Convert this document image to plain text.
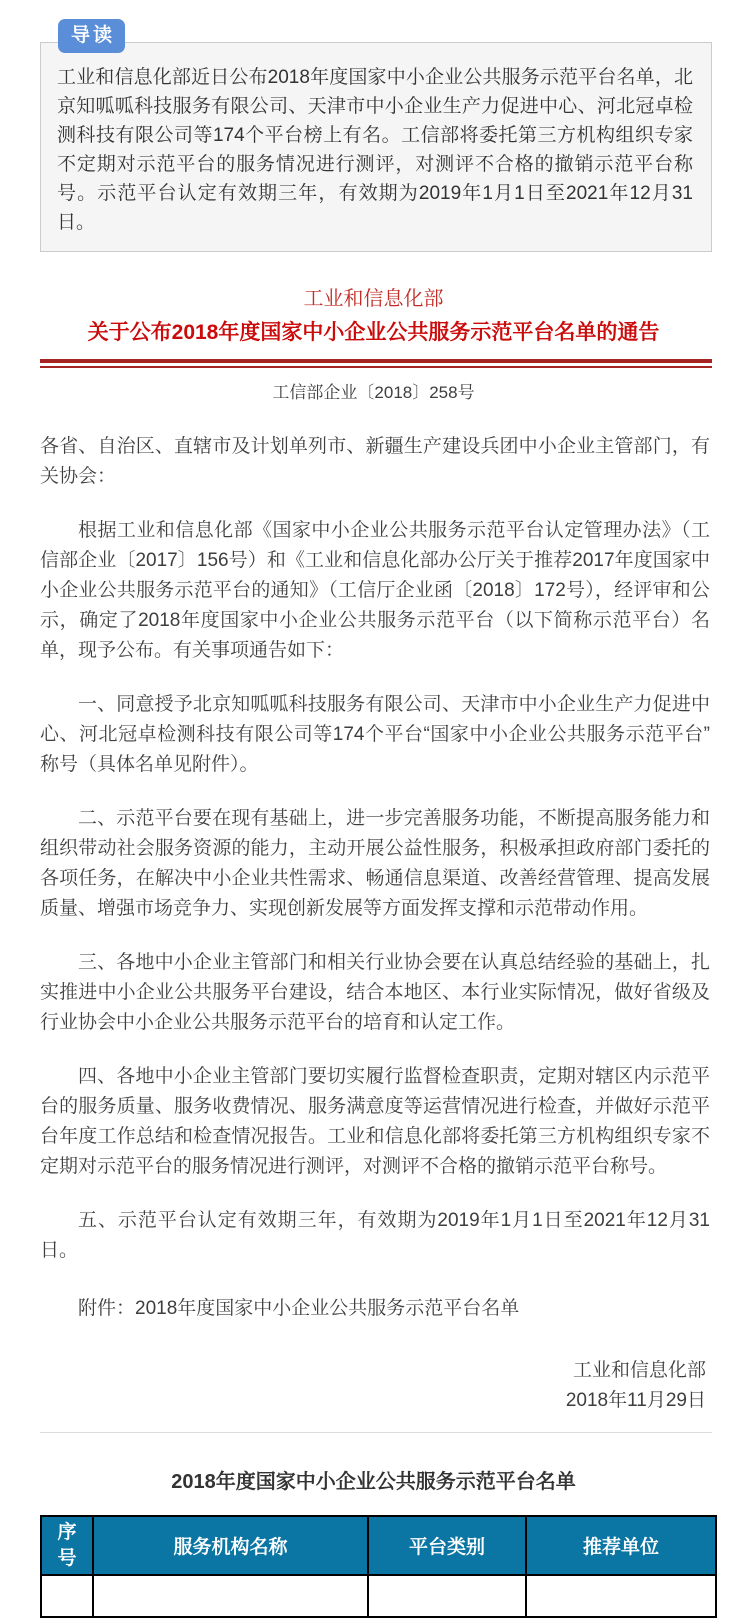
导读

工业和信息化部近日公布2018年度国家中小企业公共服务示范平台名单，北京知呱呱科技服务有限公司、天津市中小企业生产力促进中心、河北冠卓检测科技有限公司等174个平台榜上有名。工信部将委托第三方机构组织专家不定期对示范平台的服务情况进行测评，对测评不合格的撤销示范平台称号。示范平台认定有效期三年，有效期为2019年1月1日至2021年12月31日。

工业和信息化部
关于公布2018年度国家中小企业公共服务示范平台名单的通告
工信部企业〔2018〕258号

各省、自治区、直辖市及计划单列市、新疆生产建设兵团中小企业主管部门，有关协会：

根据工业和信息化部《国家中小企业公共服务示范平台认定管理办法》（工信部企业〔2017〕156号）和《工业和信息化部办公厅关于推荐2017年度国家中小企业公共服务示范平台的通知》（工信厅企业函〔2018〕172号），经评审和公示，确定了2018年度国家中小企业公共服务示范平台（以下简称示范平台）名单，现予公布。有关事项通告如下：

一、同意授予北京知呱呱科技服务有限公司、天津市中小企业生产力促进中心、河北冠卓检测科技有限公司等174个平台“国家中小企业公共服务示范平台”称号（具体名单见附件）。

二、示范平台要在现有基础上，进一步完善服务功能，不断提高服务能力和组织带动社会服务资源的能力，主动开展公益性服务，积极承担政府部门委托的各项任务，在解决中小企业共性需求、畅通信息渠道、改善经营管理、提高发展质量、增强市场竞争力、实现创新发展等方面发挥支撑和示范带动作用。

三、各地中小企业主管部门和相关行业协会要在认真总结经验的基础上，扎实推进中小企业公共服务平台建设，结合本地区、本行业实际情况，做好省级及行业协会中小企业公共服务示范平台的培育和认定工作。

四、各地中小企业主管部门要切实履行监督检查职责，定期对辖区内示范平台的服务质量、服务收费情况、服务满意度等运营情况进行检查，并做好示范平台年度工作总结和检查情况报告。工业和信息化部将委托第三方机构组织专家不定期对示范平台的服务情况进行测评，对测评不合格的撤销示范平台称号。

五、示范平台认定有效期三年，有效期为2019年1月1日至2021年12月31日。

附件：2018年度国家中小企业公共服务示范平台名单

工业和信息化部
2018年11月29日
2018年度国家中小企业公共服务示范平台名单
序号	服务机构名称	平台类别	推荐单位
